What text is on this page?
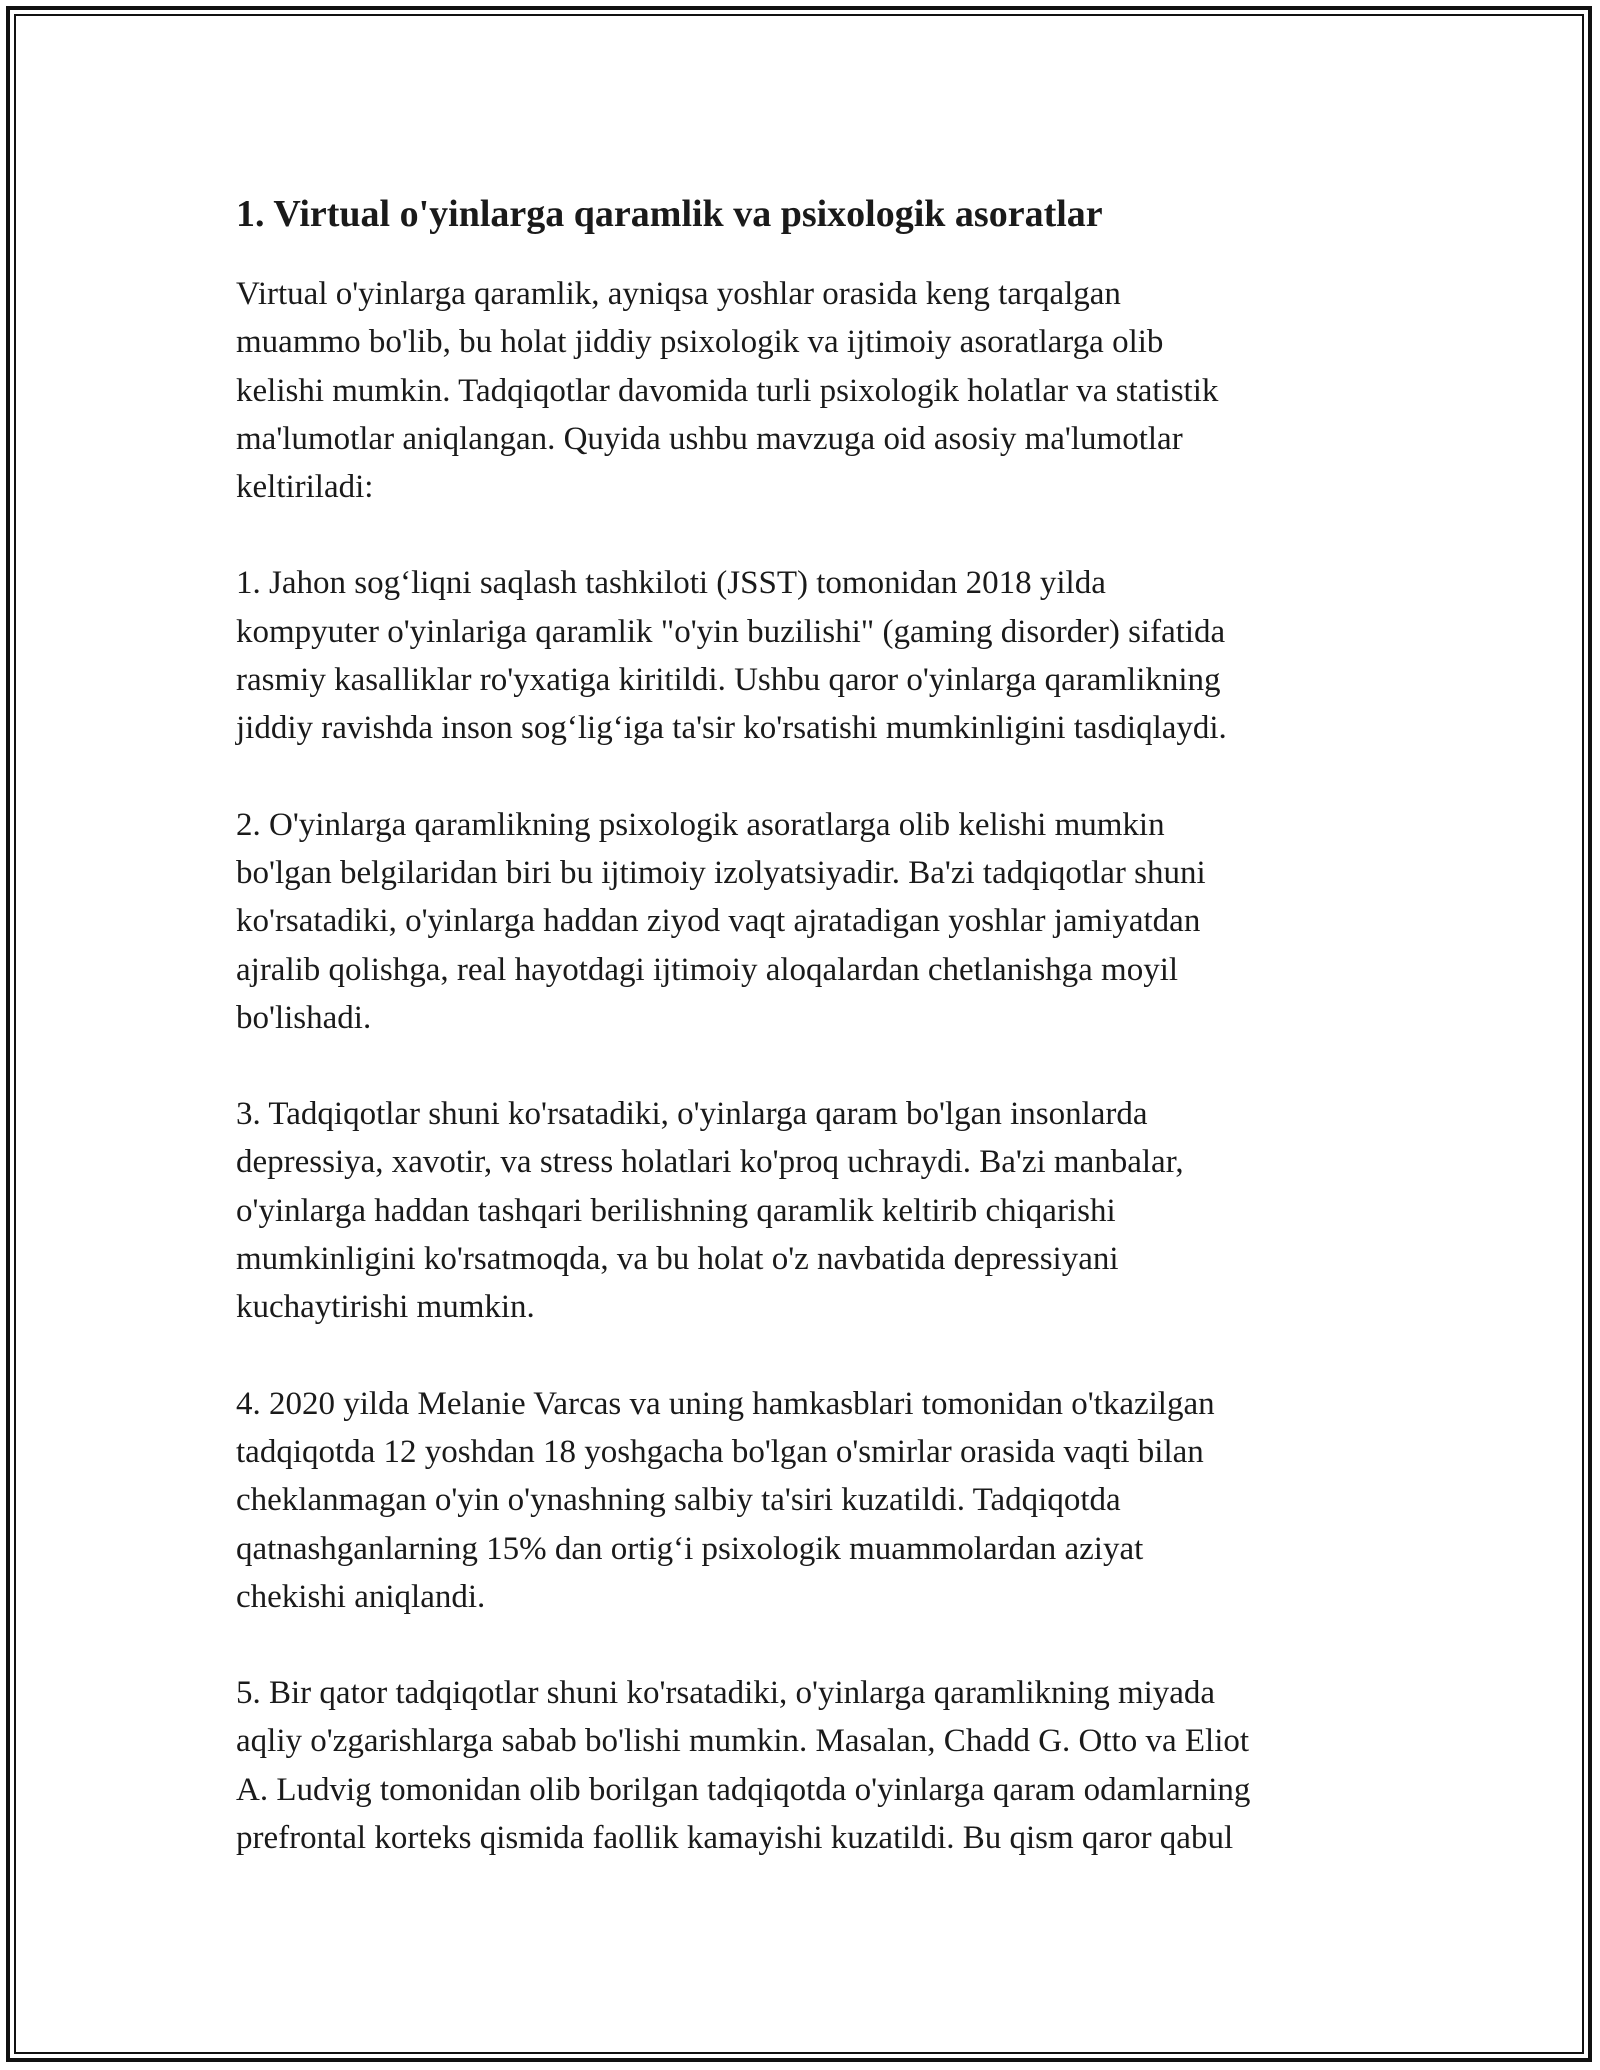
1. Virtual o'yinlarga qaramlik va psixologik asoratlar

Virtual o'yinlarga qaramlik, ayniqsa yoshlar orasida keng tarqalgan
muammo bo'lib, bu holat jiddiy psixologik va ijtimoiy asoratlarga olib
kelishi mumkin. Tadqiqotlar davomida turli psixologik holatlar va statistik
ma'lumotlar aniqlangan. Quyida ushbu mavzuga oid asosiy ma'lumotlar
keltiriladi:

1. Jahon sog‘liqni saqlash tashkiloti (JSST) tomonidan 2018 yilda
kompyuter o'yinlariga qaramlik "o'yin buzilishi" (gaming disorder) sifatida
rasmiy kasalliklar ro'yxatiga kiritildi. Ushbu qaror o'yinlarga qaramlikning
jiddiy ravishda inson sog‘lig‘iga ta'sir ko'rsatishi mumkinligini tasdiqlaydi.

2. O'yinlarga qaramlikning psixologik asoratlarga olib kelishi mumkin
bo'lgan belgilaridan biri bu ijtimoiy izolyatsiyadir. Ba'zi tadqiqotlar shuni
ko'rsatadiki, o'yinlarga haddan ziyod vaqt ajratadigan yoshlar jamiyatdan
ajralib qolishga, real hayotdagi ijtimoiy aloqalardan chetlanishga moyil
bo'lishadi.

3. Tadqiqotlar shuni ko'rsatadiki, o'yinlarga qaram bo'lgan insonlarda
depressiya, xavotir, va stress holatlari ko'proq uchraydi. Ba'zi manbalar,
o'yinlarga haddan tashqari berilishning qaramlik keltirib chiqarishi
mumkinligini ko'rsatmoqda, va bu holat o'z navbatida depressiyani
kuchaytirishi mumkin.

4. 2020 yilda Melanie Varcas va uning hamkasblari tomonidan o'tkazilgan
tadqiqotda 12 yoshdan 18 yoshgacha bo'lgan o'smirlar orasida vaqti bilan
cheklanmagan o'yin o'ynashning salbiy ta'siri kuzatildi. Tadqiqotda
qatnashganlarning 15% dan ortig‘i psixologik muammolardan aziyat
chekishi aniqlandi.

5. Bir qator tadqiqotlar shuni ko'rsatadiki, o'yinlarga qaramlikning miyada
aqliy o'zgarishlarga sabab bo'lishi mumkin. Masalan, Chadd G. Otto va Eliot
A. Ludvig tomonidan olib borilgan tadqiqotda o'yinlarga qaram odamlarning
prefrontal korteks qismida faollik kamayishi kuzatildi. Bu qism qaror qabul
